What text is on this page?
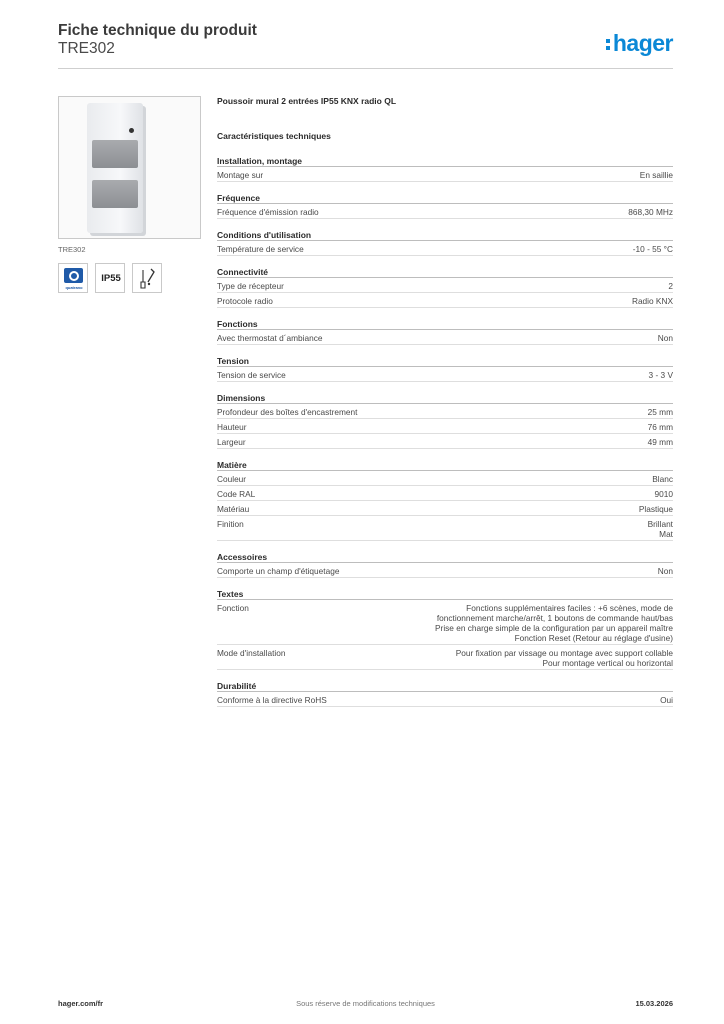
Fiche technique du produit
TRE302	hager
TRE302
quatrano
IP55
Poussoir mural 2 entrées IP55 KNX radio QL
Caractéristiques techniques
Installation, montage
Montage sur	En saillie
Fréquence
Fréquence d'émission radio	868,30 MHz
Conditions d'utilisation
Température de service	-10 - 55 °C
Connectivité
Type de récepteur	2
Protocole radio	Radio KNX
Fonctions
Avec thermostat d´ambiance	Non
Tension
Tension de service	3 - 3 V
Dimensions
Profondeur des boîtes d'encastrement	25 mm
Hauteur	76 mm
Largeur	49 mm
Matière
Couleur	Blanc
Code RAL	9010
Matériau	Plastique
Finition	Brillant
Mat
Accessoires
Comporte un champ d'étiquetage	Non
Textes
Fonction	Fonctions supplémentaires faciles : +6 scènes, mode de
fonctionnement marche/arrêt, 1 boutons de commande haut/bas
Prise en charge simple de la configuration par un appareil maître
Fonction Reset (Retour au réglage d'usine)
Mode d'installation	Pour fixation par vissage ou montage avec support collable
Pour montage vertical ou horizontal
Durabilité
Conforme à la directive RoHS	Oui
hager.com/fr	Sous réserve de modifications techniques	15.03.2026
